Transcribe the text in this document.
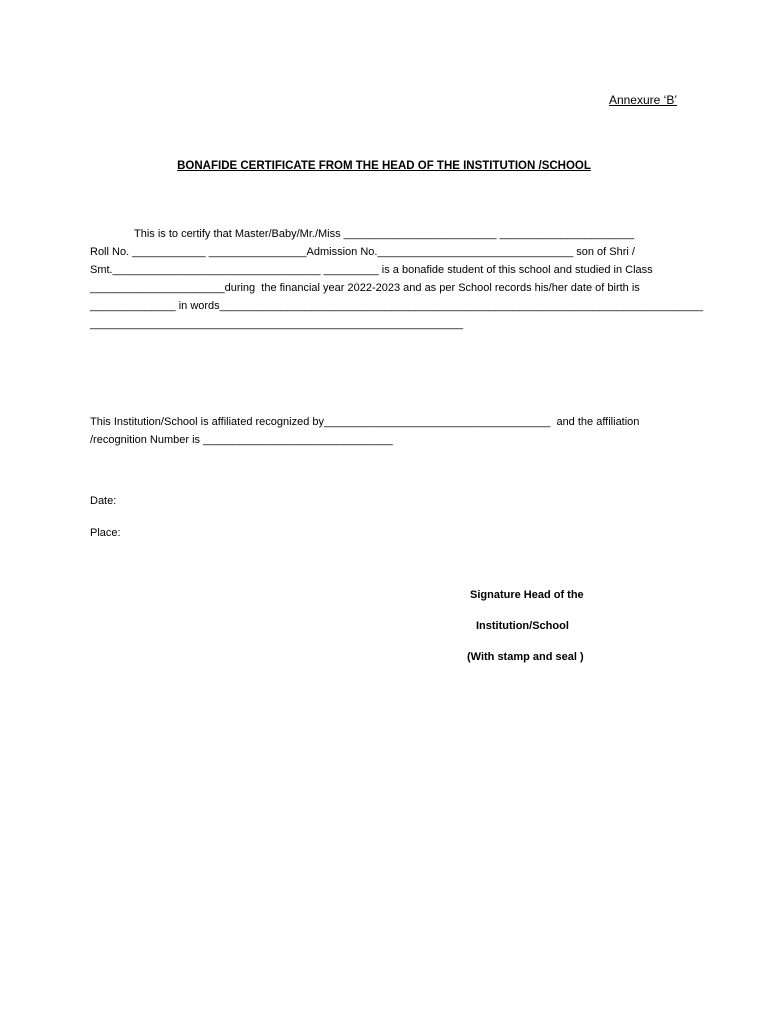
Annexure ‘B’
BONAFIDE CERTIFICATE FROM THE HEAD OF THE INSTITUTION /SCHOOL
This is to certify that Master/Baby/Mr./Miss _________________________ ______________________
Roll No. ____________ ________________Admission No.________________________________ son of Shri /
Smt.__________________________________ _________ is a bonafide student of this school and studied in Class
______________________during  the financial year 2022-2023 and as per School records his/her date of birth is
______________ in words_______________________________________________________________________________
_____________________________________________________________
This Institution/School is affiliated recognized by_____________________________________  and the affiliation
/recognition Number is _______________________________
Date:
Place:
Signature Head of the
Institution/School
(With stamp and seal )
